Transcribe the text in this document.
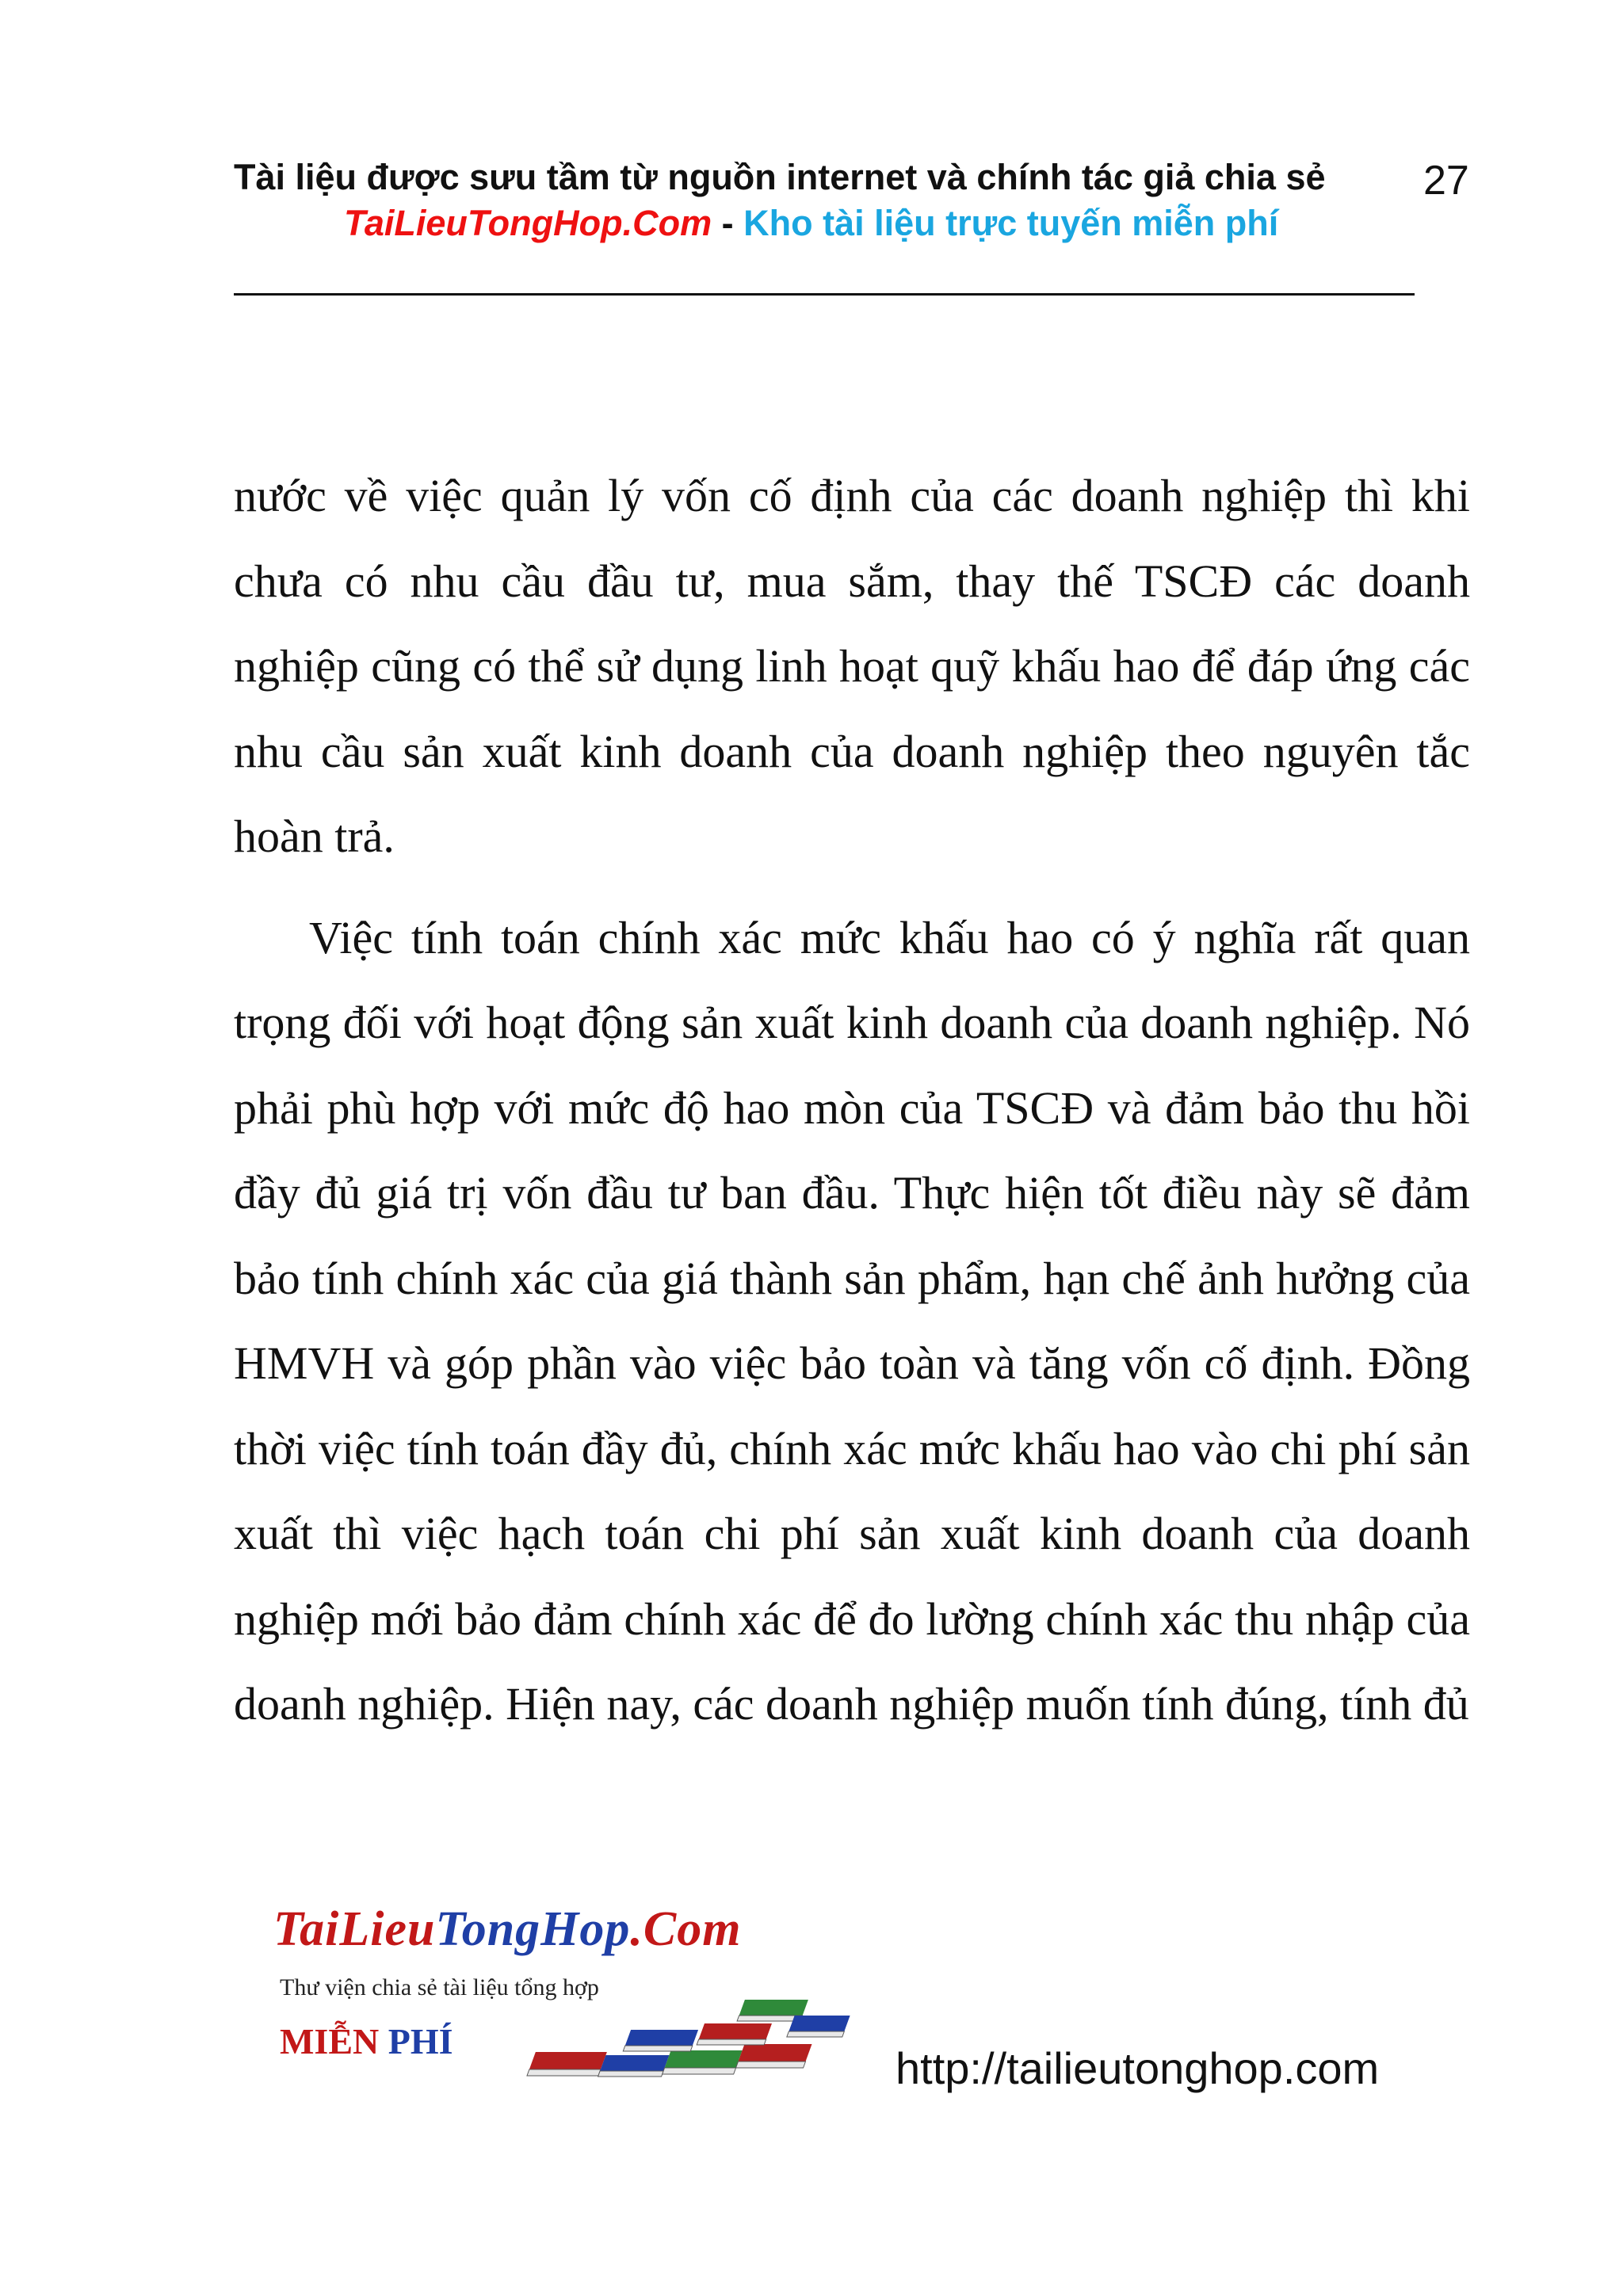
Tài liệu được sưu tầm từ nguồn internet và chính tác giả chia sẻ	27
TaiLieuTongHop.Com - Kho tài liệu trực tuyến miễn phí

nước về việc quản lý vốn cố định của các doanh nghiệp thì khi chưa có nhu cầu đầu tư, mua sắm, thay thế TSCĐ các doanh nghiệp cũng có thể sử dụng linh hoạt quỹ khấu hao để đáp ứng các nhu cầu sản xuất kinh doanh của doanh nghiệp theo nguyên tắc hoàn trả.

Việc tính toán chính xác mức khấu hao có ý nghĩa rất quan trọng đối với hoạt động sản xuất kinh doanh của doanh nghiệp. Nó phải phù hợp với mức độ hao mòn của TSCĐ và đảm bảo thu hồi đầy đủ giá trị vốn đầu tư ban đầu. Thực hiện tốt điều này sẽ đảm bảo tính chính xác của giá thành sản phẩm, hạn chế ảnh hưởng của HMVH và góp phần vào việc bảo toàn và tăng vốn cố định. Đồng thời việc tính toán đầy đủ, chính xác mức khấu hao vào chi phí sản xuất thì việc hạch toán chi phí sản xuất kinh doanh của doanh nghiệp mới bảo đảm chính xác để đo lường chính xác thu nhập của doanh nghiệp. Hiện nay, các doanh nghiệp muốn tính đúng, tính đủ

TaiLieuTongHop.Com
Thư viện chia sẻ tài liệu tổng hợp
MIỄN PHÍ
http://tailieutonghop.com
